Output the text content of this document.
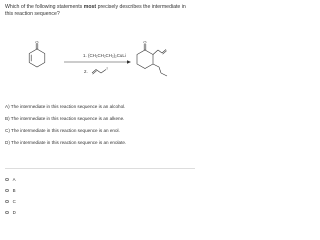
Which of the following statements most precisely describes the intermediate in this reaction sequence?
O
1. (CH₂CH₂CH₂)₂CuLi
2.
I
O
A) The intermediate in this reaction sequence is an alcohol.
B) The intermediate in this reaction sequence is an alkene.
C) The intermediate in this reaction sequence is an enol.
D) The intermediate in this reaction sequence is an enolate.
A
B
C
D
